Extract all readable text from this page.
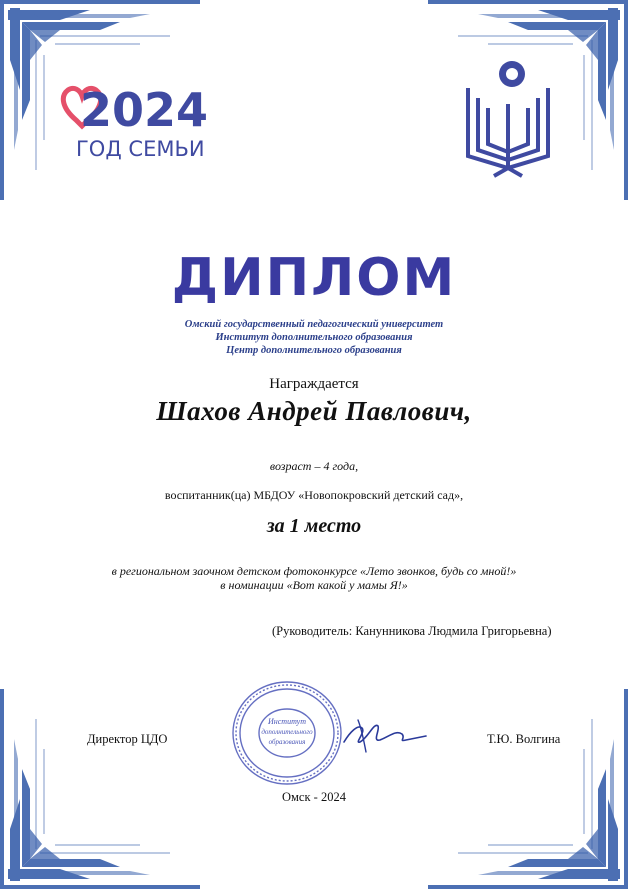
2024
ГОД СЕМЬИ
ДИПЛОМ
Омский государственный педагогический университет
Институт дополнительного образования
Центр дополнительного образования
Награждается
Шахов Андрей Павлович,
возраст – 4 года,
воспитанник(ца) МБДОУ «Новопокровский детский сад»,
за 1 место
в региональном заочном детском фотоконкурсе «Лето звонков, будь со мной!»
в номинации «Вот какой у мамы Я!»
(Руководитель: Канунникова Людмила Григорьевна)
Институт
дополнительного
образования
Директор ЦДО	Т.Ю. Волгина
Омск - 2024
